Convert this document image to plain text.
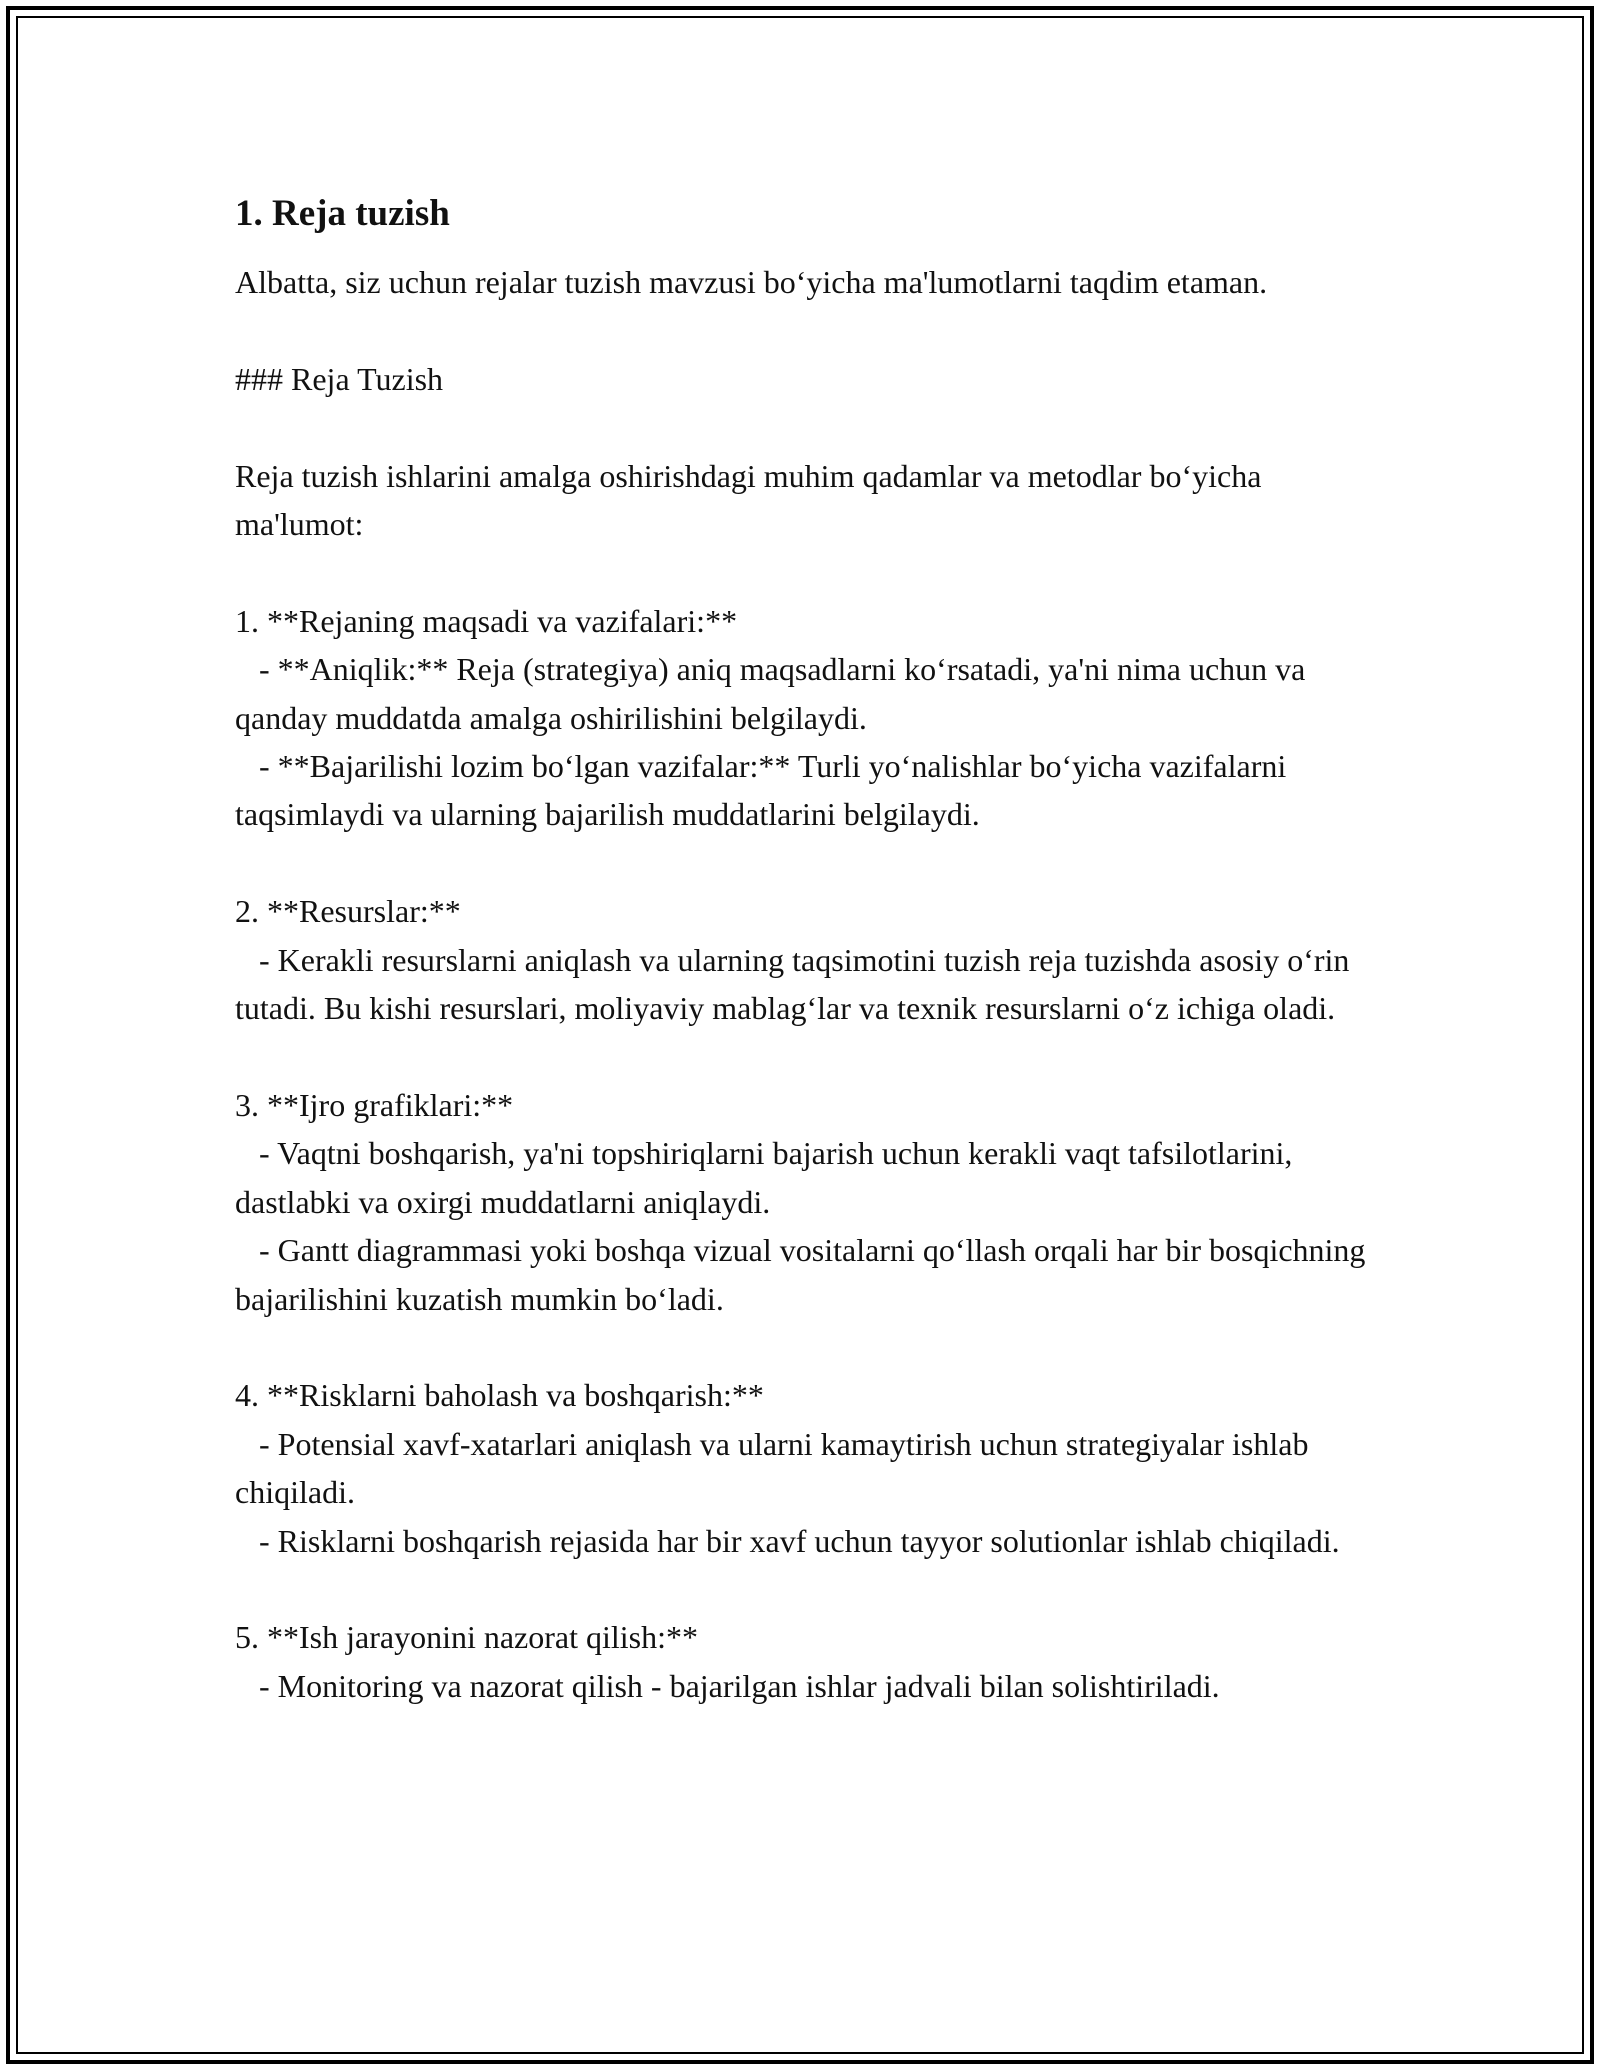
1. Reja tuzish
Albatta, siz uchun rejalar tuzish mavzusi bo‘yicha ma'lumotlarni taqdim etaman.

### Reja Tuzish

Reja tuzish ishlarini amalga oshirishdagi muhim qadamlar va metodlar bo‘yicha ma'lumot:

1. **Rejaning maqsadi va vazifalari:**
- **Aniqlik:** Reja (strategiya) aniq maqsadlarni ko‘rsatadi, ya'ni nima uchun va qanday muddatda amalga oshirilishini belgilaydi.
- **Bajarilishi lozim bo‘lgan vazifalar:** Turli yo‘nalishlar bo‘yicha vazifalarni taqsimlaydi va ularning bajarilish muddatlarini belgilaydi.

2. **Resurslar:**
- Kerakli resurslarni aniqlash va ularning taqsimotini tuzish reja tuzishda asosiy o‘rin tutadi. Bu kishi resurslari, moliyaviy mablag‘lar va texnik resurslarni o‘z ichiga oladi.

3. **Ijro grafiklari:**
- Vaqtni boshqarish, ya'ni topshiriqlarni bajarish uchun kerakli vaqt tafsilotlarini, dastlabki va oxirgi muddatlarni aniqlaydi.
- Gantt diagrammasi yoki boshqa vizual vositalarni qo‘llash orqali har bir bosqichning bajarilishini kuzatish mumkin bo‘ladi.

4. **Risklarni baholash va boshqarish:**
- Potensial xavf-xatarlari aniqlash va ularni kamaytirish uchun strategiyalar ishlab chiqiladi.
- Risklarni boshqarish rejasida har bir xavf uchun tayyor solutionlar ishlab chiqiladi.

5. **Ish jarayonini nazorat qilish:**
- Monitoring va nazorat qilish - bajarilgan ishlar jadvali bilan solishtiriladi.
